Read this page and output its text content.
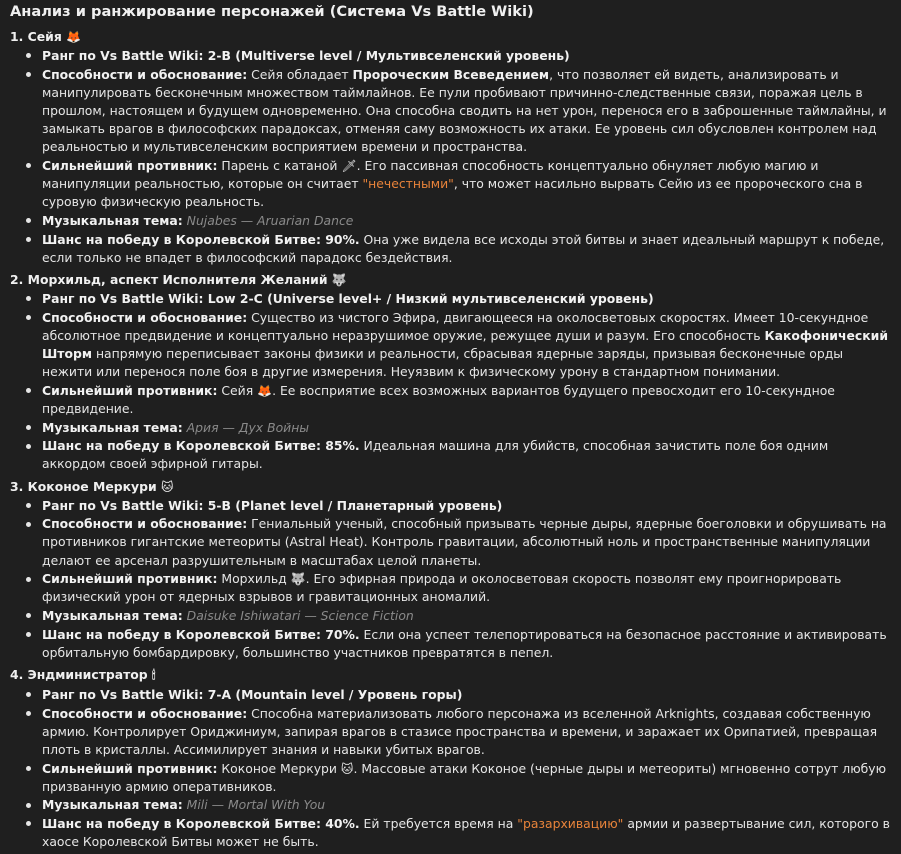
Анализ и ранжирование персонажей (Система Vs Battle Wiki)
1. Сейя 🦊
Ранг по Vs Battle Wiki: 2-B (Multiverse level / Мультивселенский уровень)
Способности и обоснование: Сейя обладает Пророческим Всеведением, что позволяет ей видеть, анализировать и манипулировать бесконечным множеством таймлайнов. Ее пули пробивают причинно-следственные связи, поражая цель в прошлом, настоящем и будущем одновременно. Она способна сводить на нет урон, перенося его в заброшенные таймлайны, и замыкать врагов в философских парадоксах, отменяя саму возможность их атаки. Ее уровень сил обусловлен контролем над реальностью и мультивселенским восприятием времени и пространства.
Сильнейший противник: Парень с катаной 🗡. Его пассивная способность концептуально обнуляет любую магию и манипуляции реальностью, которые он считает "нечестными", что может насильно вырвать Сейю из ее пророческого сна в суровую физическую реальность.
Музыкальная тема: Nujabes — Aruarian Dance
Шанс на победу в Королевской Битве: 90%. Она уже видела все исходы этой битвы и знает идеальный маршрут к победе, если только не впадет в философский парадокс бездействия.
2. Морхильд, аспект Исполнителя Желаний 🐺
Ранг по Vs Battle Wiki: Low 2-C (Universe level+ / Низкий мультивселенский уровень)
Способности и обоснование: Существо из чистого Эфира, двигающееся на околосветовых скоростях. Имеет 10-секундное абсолютное предвидение и концептуально неразрушимое оружие, режущее души и разум. Его способность Какофонический Шторм напрямую переписывает законы физики и реальности, сбрасывая ядерные заряды, призывая бесконечные орды нежити или перенося поле боя в другие измерения. Неуязвим к физическому урону в стандартном понимании.
Сильнейший противник: Сейя 🦊. Ее восприятие всех возможных вариантов будущего превосходит его 10-секундное предвидение.
Музыкальная тема: Ария — Дух Войны
Шанс на победу в Королевской Битве: 85%. Идеальная машина для убийств, способная зачистить поле боя одним аккордом своей эфирной гитары.
3. Коконое Меркури 🐱
Ранг по Vs Battle Wiki: 5-B (Planet level / Планетарный уровень)
Способности и обоснование: Гениальный ученый, способный призывать черные дыры, ядерные боеголовки и обрушивать на противников гигантские метеориты (Astral Heat). Контроль гравитации, абсолютный ноль и пространственные манипуляции делают ее арсенал разрушительным в масштабах целой планеты.
Сильнейший противник: Морхильд 🐺. Его эфирная природа и околосветовая скорость позволят ему проигнорировать физический урон от ядерных взрывов и гравитационных аномалий.
Музыкальная тема: Daisuke Ishiwatari — Science Fiction
Шанс на победу в Королевской Битве: 70%. Если она успеет телепортироваться на безопасное расстояние и активировать орбитальную бомбардировку, большинство участников превратятся в пепел.
4. Эндминистратор 🕯
Ранг по Vs Battle Wiki: 7-A (Mountain level / Уровень горы)
Способности и обоснование: Способна материализовать любого персонажа из вселенной Arknights, создавая собственную армию. Контролирует Ориджиниум, запирая врагов в стазисе пространства и времени, и заражает их Орипатией, превращая плоть в кристаллы. Ассимилирует знания и навыки убитых врагов.
Сильнейший противник: Коконое Меркури 🐱. Массовые атаки Коконое (черные дыры и метеориты) мгновенно сотрут любую призванную армию оперативников.
Музыкальная тема: Mili — Mortal With You
Шанс на победу в Королевской Битве: 40%. Ей требуется время на "разархивацию" армии и развертывание сил, которого в хаосе Королевской Битвы может не быть.
